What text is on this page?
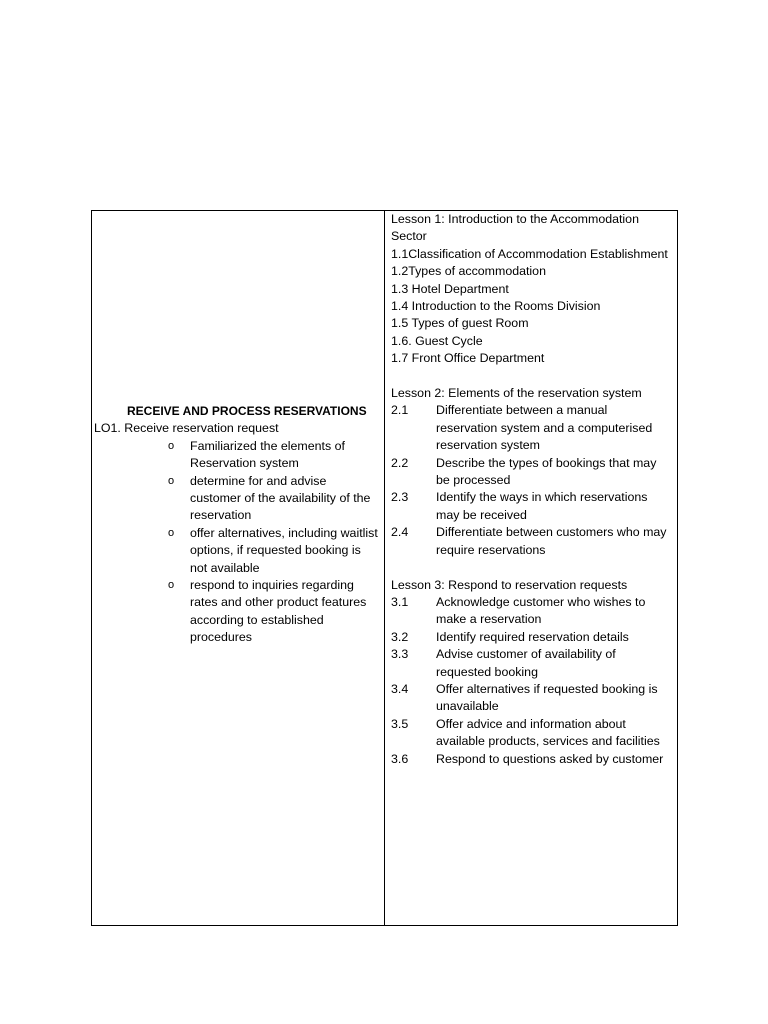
RECEIVE AND PROCESS RESERVATIONS

LO1. Receive reservation request

o	Familiarized the elements of Reservation system
o	determine for and advise customer of the availability of the reservation
o	offer alternatives, including waitlist options, if requested booking is not available
o	respond to inquiries regarding rates and other product features according to established procedures

Lesson 1: Introduction to the Accommodation Sector

1.1Classification of Accommodation Establishment

1.2Types of accommodation

1.3 Hotel Department

1.4 Introduction to the Rooms Division

1.5 Types of guest Room

1.6. Guest Cycle

1.7 Front Office Department

Lesson 2: Elements of the reservation system

2.1	Differentiate between a manual reservation system and a computerised reservation system
2.2	Describe the types of bookings that may be processed
2.3	Identify the ways in which reservations may be received
2.4	Differentiate between customers who may require reservations

Lesson 3: Respond to reservation requests

3.1	Acknowledge customer who wishes to make a reservation
3.2	Identify required reservation details
3.3	Advise customer of availability of requested booking
3.4	Offer alternatives if requested booking is unavailable
3.5	Offer advice and information about available products, services and facilities
3.6	Respond to questions asked by customer
